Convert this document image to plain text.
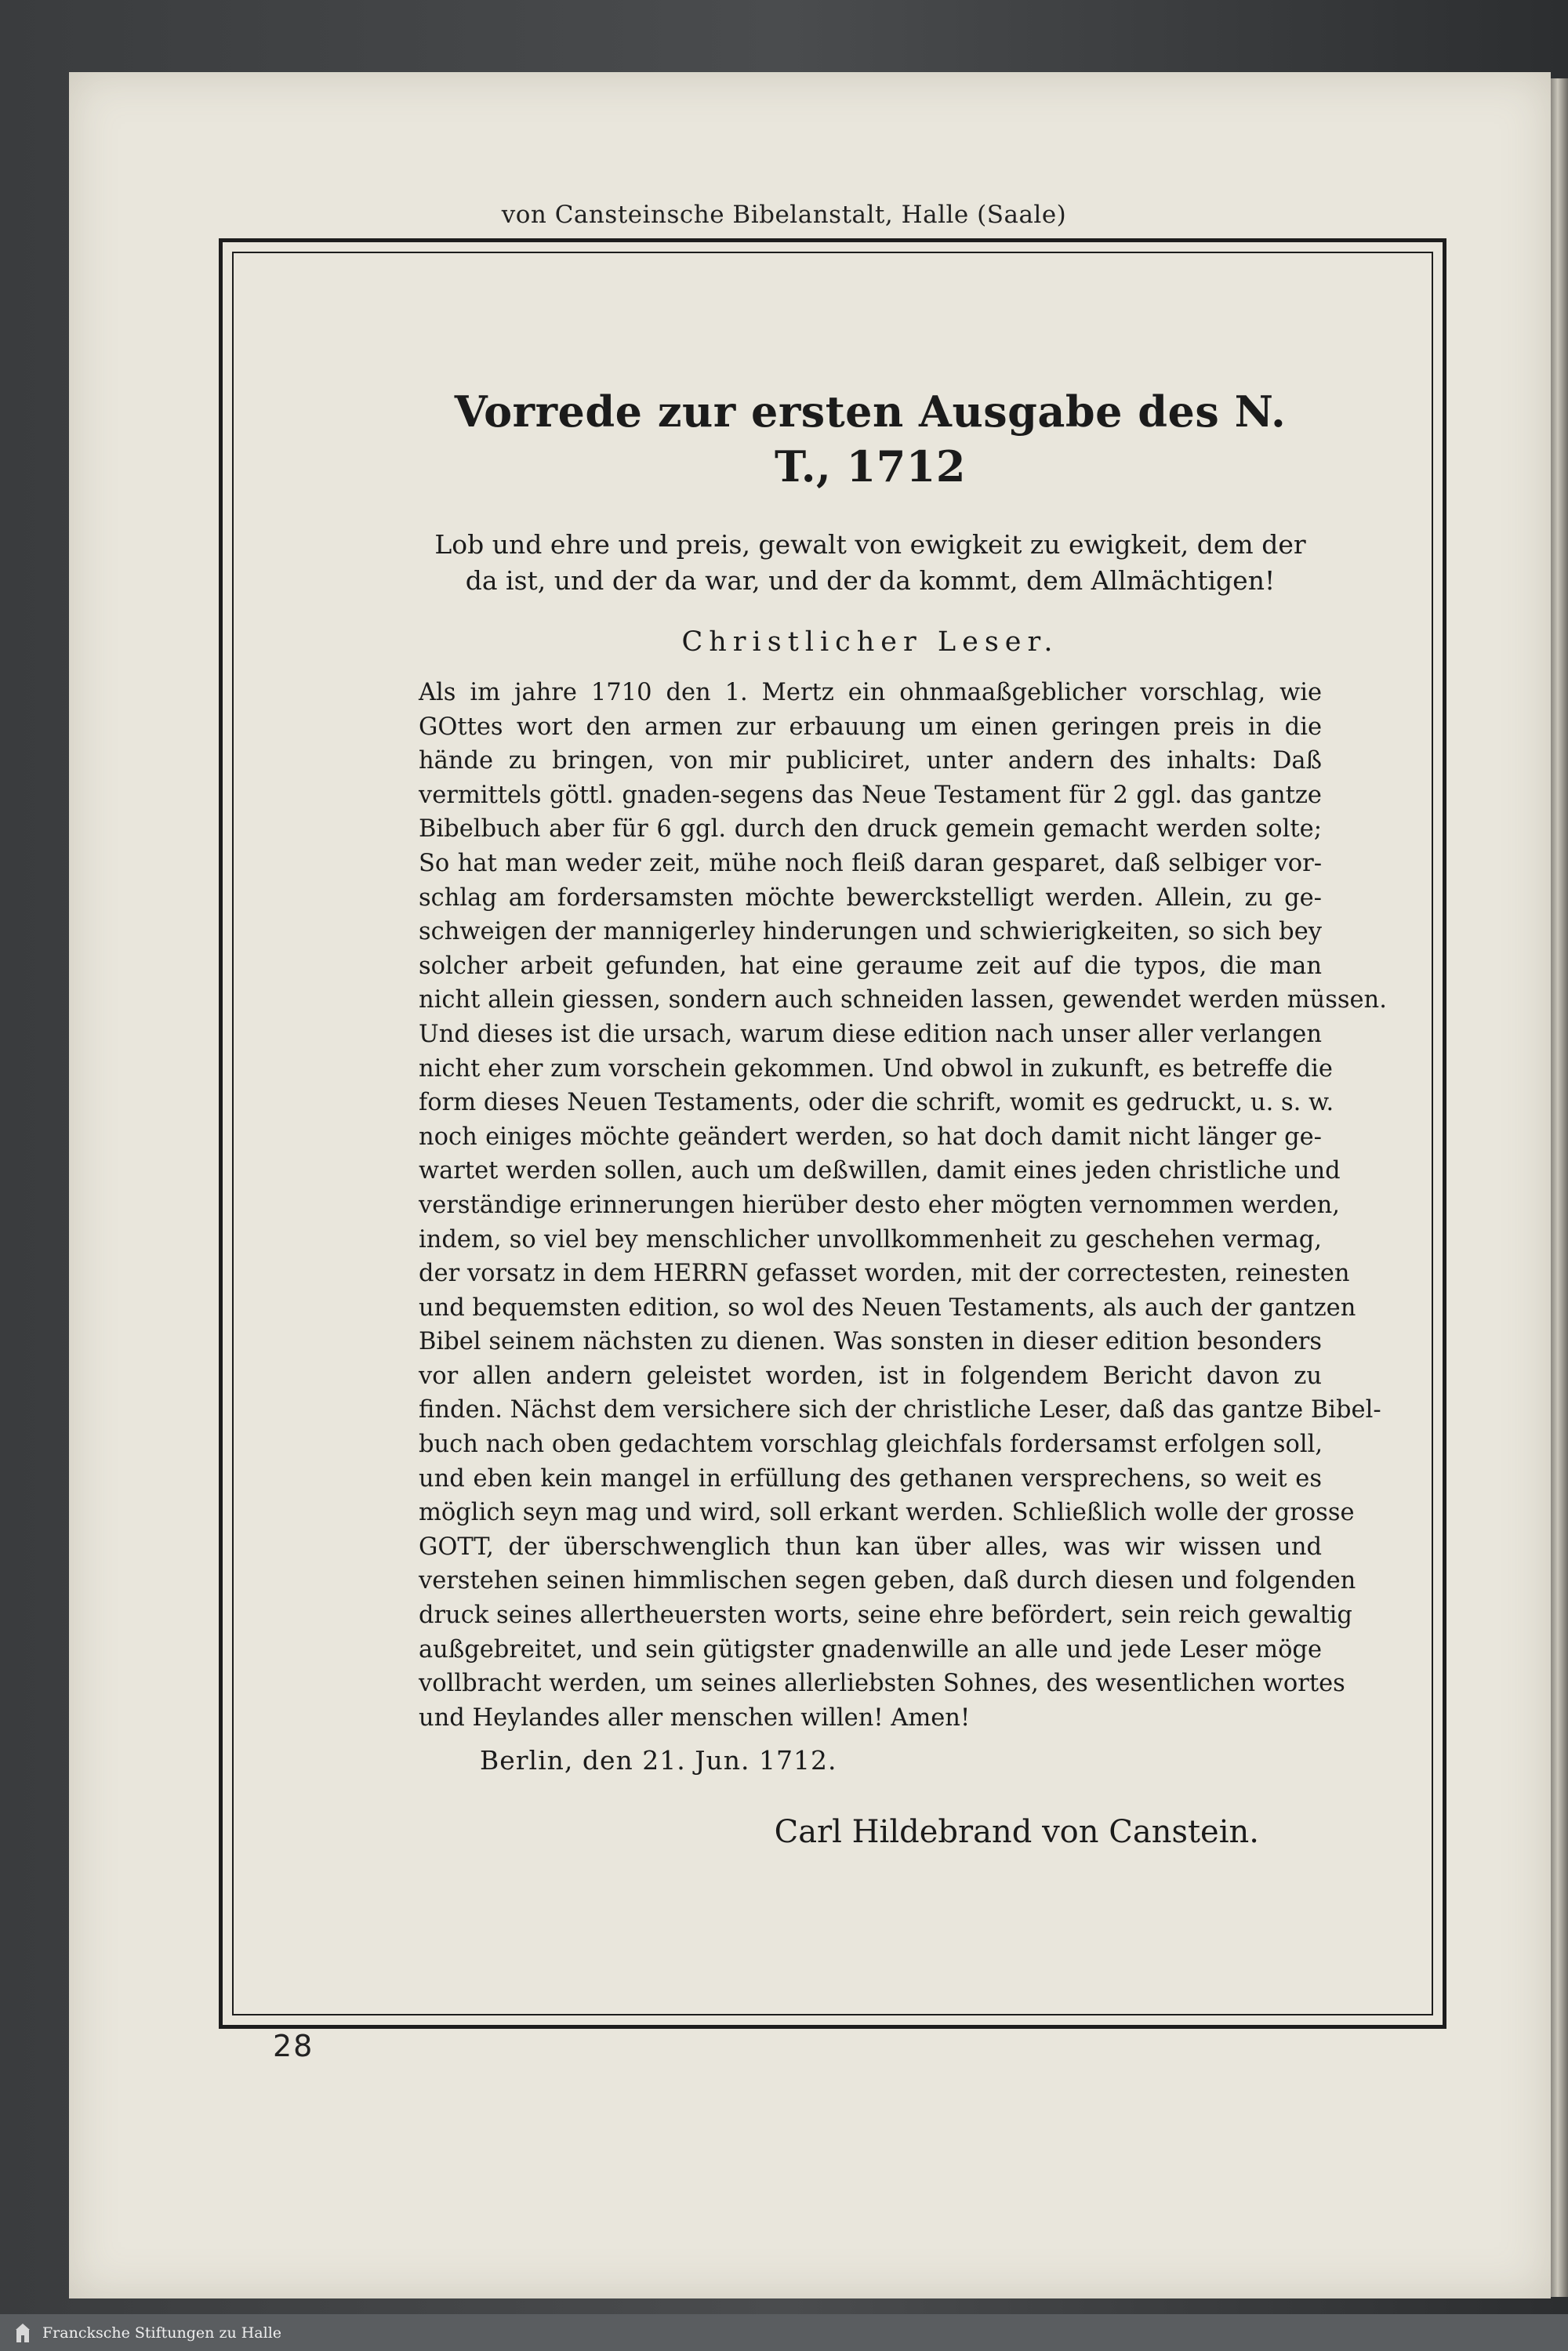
von Cansteinsche Bibelanstalt, Halle (Saale)
Vorrede zur ersten Ausgabe des N. T., 1712
Lob und ehre und preis, gewalt von ewigkeit zu ewigkeit, dem der da ist, und der da war, und der da kommt, dem Allmächtigen!
Christlicher Leser.
Als im jahre 1710 den 1. Mertz ein ohnmaaßgeblicher vorschlag, wie
GOttes wort den armen zur erbauung um einen geringen preis in die
hände zu bringen, von mir publiciret, unter andern des inhalts: Daß
vermittels göttl. gnaden-segens das Neue Testament für 2 ggl. das gantze
Bibelbuch aber für 6 ggl. durch den druck gemein gemacht werden solte;
So hat man weder zeit, mühe noch fleiß daran gesparet, daß selbiger vor-
schlag am fordersamsten möchte bewerckstelligt werden. Allein, zu ge-
schweigen der mannigerley hinderungen und schwierigkeiten, so sich bey
solcher arbeit gefunden, hat eine geraume zeit auf die typos, die man
nicht allein giessen, sondern auch schneiden lassen, gewendet werden müssen.
Und dieses ist die ursach, warum diese edition nach unser aller verlangen
nicht eher zum vorschein gekommen. Und obwol in zukunft, es betreffe die
form dieses Neuen Testaments, oder die schrift, womit es gedruckt, u. s. w.
noch einiges möchte geändert werden, so hat doch damit nicht länger ge-
wartet werden sollen, auch um deßwillen, damit eines jeden christliche und
verständige erinnerungen hierüber desto eher mögten vernommen werden,
indem, so viel bey menschlicher unvollkommenheit zu geschehen vermag,
der vorsatz in dem HERRN gefasset worden, mit der correctesten, reinesten
und bequemsten edition, so wol des Neuen Testaments, als auch der gantzen
Bibel seinem nächsten zu dienen. Was sonsten in dieser edition besonders
vor allen andern geleistet worden, ist in folgendem Bericht davon zu
finden. Nächst dem versichere sich der christliche Leser, daß das gantze Bibel-
buch nach oben gedachtem vorschlag gleichfals fordersamst erfolgen soll,
und eben kein mangel in erfüllung des gethanen versprechens, so weit es
möglich seyn mag und wird, soll erkant werden. Schließlich wolle der grosse
GOTT, der überschwenglich thun kan über alles, was wir wissen und
verstehen seinen himmlischen segen geben, daß durch diesen und folgenden
druck seines allertheuersten worts, seine ehre befördert, sein reich gewaltig
außgebreitet, und sein gütigster gnadenwille an alle und jede Leser möge
vollbracht werden, um seines allerliebsten Sohnes, des wesentlichen wortes
und Heylandes aller menschen willen! Amen!
Berlin, den 21. Jun. 1712.
Carl Hildebrand von Canstein.
28
Francksche Stiftungen zu Halle
